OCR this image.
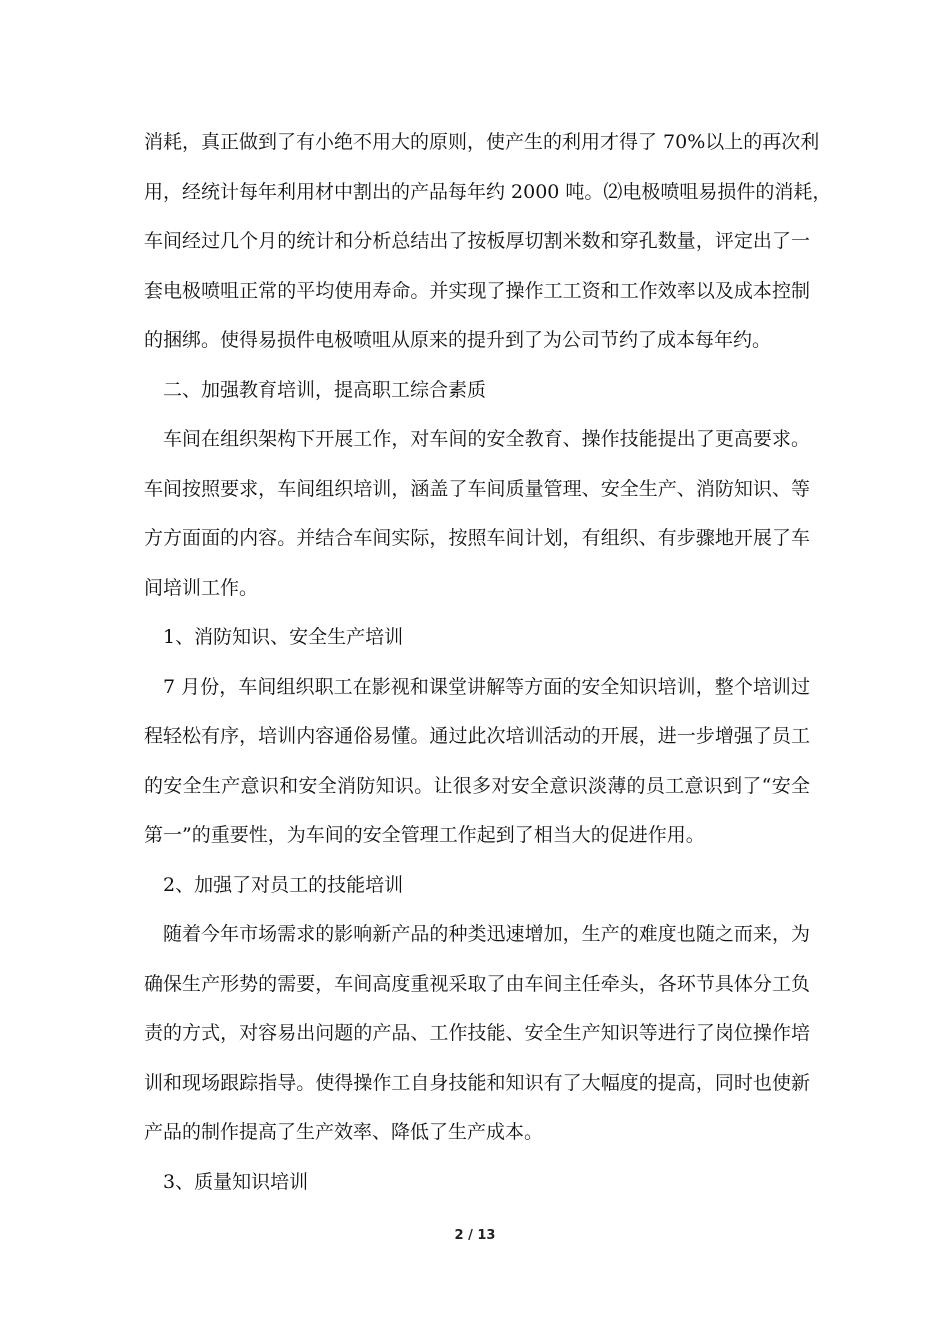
消耗，真正做到了有小绝不用大的原则，使产生的利用才得了 70%以上的再次利
用，经统计每年利用材中割出的产品每年约 2000 吨。⑵电极喷咀易损件的消耗，
车间经过几个月的统计和分析总结出了按板厚切割米数和穿孔数量，评定出了一
套电极喷咀正常的平均使用寿命。并实现了操作工工资和工作效率以及成本控制
的捆绑。使得易损件电极喷咀从原来的提升到了为公司节约了成本每年约。
二、加强教育培训，提高职工综合素质
车间在组织架构下开展工作，对车间的安全教育、操作技能提出了更高要求。
车间按照要求，车间组织培训，涵盖了车间质量管理、安全生产、消防知识、等
方方面面的内容。并结合车间实际，按照车间计划，有组织、有步骤地开展了车
间培训工作。
1、消防知识、安全生产培训
7 月份，车间组织职工在影视和课堂讲解等方面的安全知识培训，整个培训过
程轻松有序，培训内容通俗易懂。通过此次培训活动的开展，进一步增强了员工
的安全生产意识和安全消防知识。让很多对安全意识淡薄的员工意识到了“安全
第一”的重要性，为车间的安全管理工作起到了相当大的促进作用。
2、加强了对员工的技能培训
随着今年市场需求的影响新产品的种类迅速增加，生产的难度也随之而来，为
确保生产形势的需要，车间高度重视采取了由车间主任牵头，各环节具体分工负
责的方式，对容易出问题的产品、工作技能、安全生产知识等进行了岗位操作培
训和现场跟踪指导。使得操作工自身技能和知识有了大幅度的提高，同时也使新
产品的制作提高了生产效率、降低了生产成本。
3、质量知识培训
2 / 13
